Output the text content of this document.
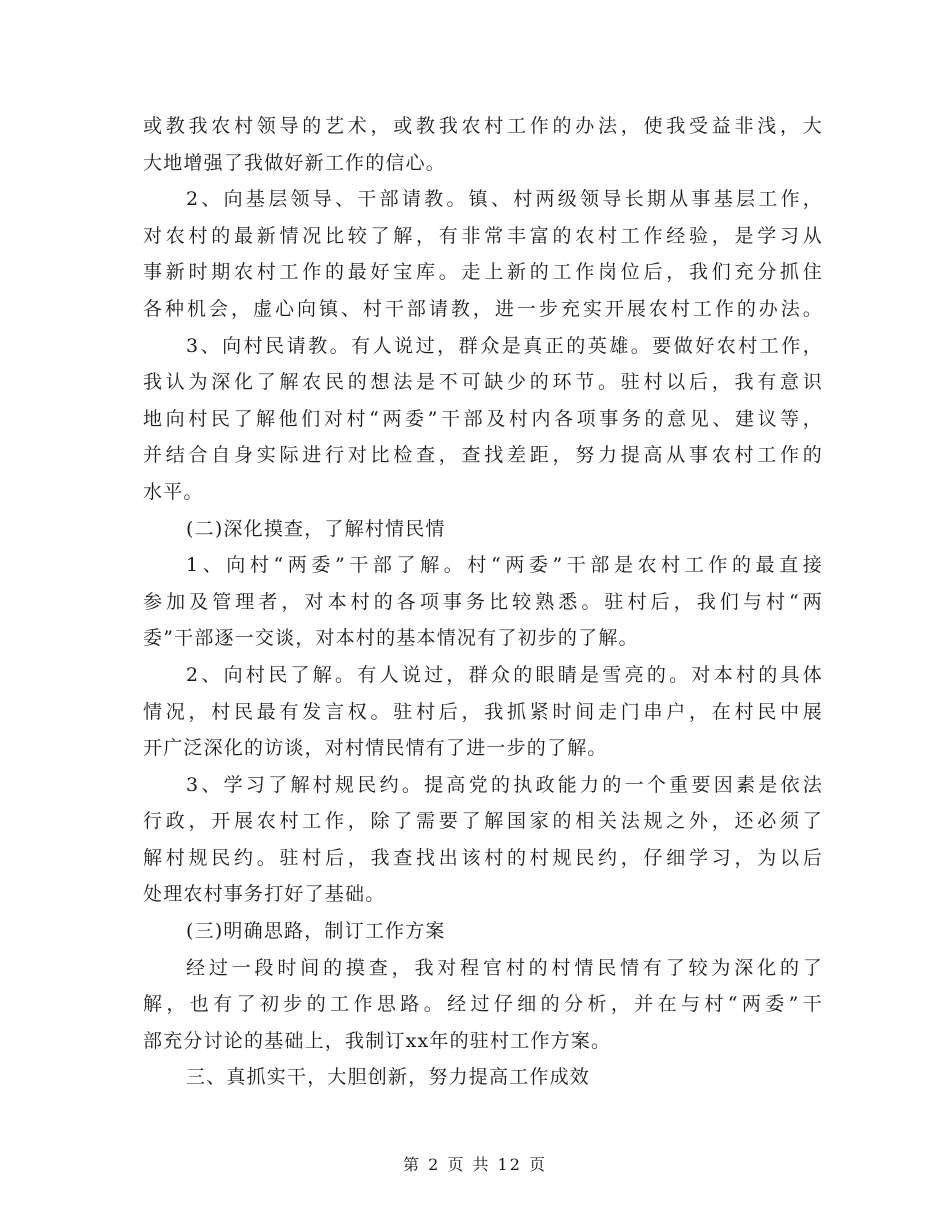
或教我农村领导的艺术，或教我农村工作的办法，使我受益非浅，大
大地增强了我做好新工作的信心。
2、向基层领导、干部请教。镇、村两级领导长期从事基层工作，
对农村的最新情况比较了解，有非常丰富的农村工作经验，是学习从
事新时期农村工作的最好宝库。走上新的工作岗位后，我们充分抓住
各种机会，虚心向镇、村干部请教，进一步充实开展农村工作的办法。
3、向村民请教。有人说过，群众是真正的英雄。要做好农村工作，
我认为深化了解农民的想法是不可缺少的环节。驻村以后，我有意识
地向村民了解他们对村“两委”干部及村内各项事务的意见、建议等，
并结合自身实际进行对比检查，查找差距，努力提高从事农村工作的
水平。
(二)深化摸查，了解村情民情
1、向村“两委”干部了解。村“两委”干部是农村工作的最直接
参加及管理者，对本村的各项事务比较熟悉。驻村后，我们与村“两
委”干部逐一交谈，对本村的基本情况有了初步的了解。
2、向村民了解。有人说过，群众的眼睛是雪亮的。对本村的具体
情况，村民最有发言权。驻村后，我抓紧时间走门串户，在村民中展
开广泛深化的访谈，对村情民情有了进一步的了解。
3、学习了解村规民约。提高党的执政能力的一个重要因素是依法
行政，开展农村工作，除了需要了解国家的相关法规之外，还必须了
解村规民约。驻村后，我查找出该村的村规民约，仔细学习，为以后
处理农村事务打好了基础。
(三)明确思路，制订工作方案
经过一段时间的摸查，我对程官村的村情民情有了较为深化的了
解，也有了初步的工作思路。经过仔细的分析，并在与村“两委”干
部充分讨论的基础上，我制订xx年的驻村工作方案。
三、真抓实干，大胆创新，努力提高工作成效
第 2 页 共 12 页
